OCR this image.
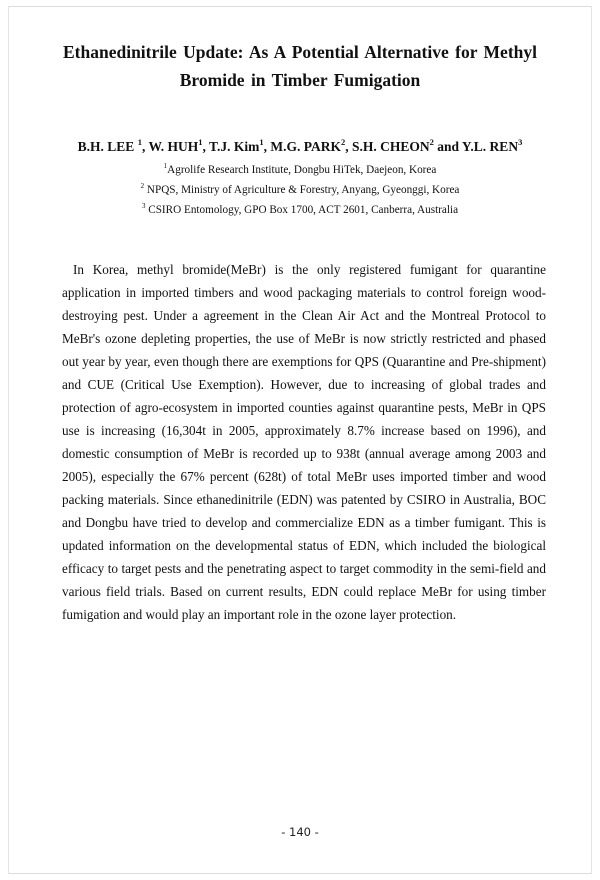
Ethanedinitrile Update: As A Potential Alternative for Methyl
Bromide in Timber Fumigation
B.H. LEE $^1$, W. HUH$^1$, T.J. Kim$^1$, M.G. PARK$^2$, S.H. CHEON$^2$ and Y.L. REN$^3$
$^1$Agrolife Research Institute, Dongbu HiTek, Daejeon, Korea
$^2$ NPQS, Ministry of Agriculture & Forestry, Anyang, Gyeonggi, Korea
$^3$ CSIRO Entomology, GPO Box 1700, ACT 2601, Canberra, Australia

In Korea, methyl bromide(MeBr) is the only registered fumigant for quarantine application in imported timbers and wood packaging materials to control foreign wood-destroying pest. Under a agreement in the Clean Air Act and the Montreal Protocol to MeBr's ozone depleting properties, the use of MeBr is now strictly restricted and phased out year by year, even though there are exemptions for QPS (Quarantine and Pre-shipment) and CUE (Critical Use Exemption). However, due to increasing of global trades and protection of agro-ecosystem in imported counties against quarantine pests, MeBr in QPS use is increasing (16,304t in 2005, approximately 8.7% increase based on 1996), and domestic consumption of MeBr is recorded up to 938t (annual average among 2003 and 2005), especially the 67% percent (628t) of total MeBr uses imported timber and wood packing materials. Since ethanedinitrile (EDN) was patented by CSIRO in Australia, BOC and Dongbu have tried to develop and commercialize EDN as a timber fumigant. This is updated information on the developmental status of EDN, which included the biological efficacy to target pests and the penetrating aspect to target commodity in the semi-field and various field trials. Based on current results, EDN could replace MeBr for using timber fumigation and would play an important role in the ozone layer protection.

- 140 -
